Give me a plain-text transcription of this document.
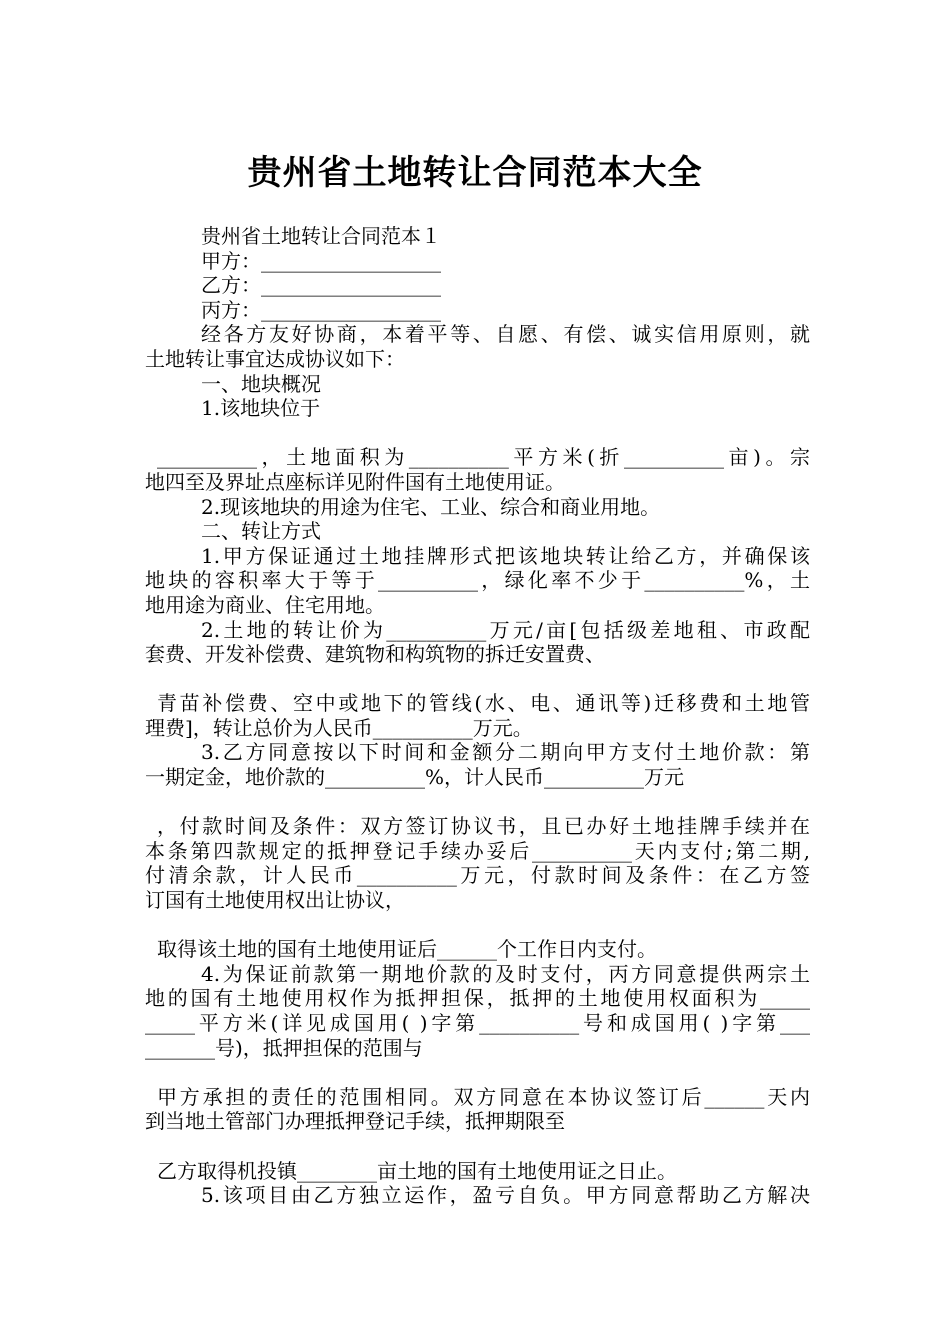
贵州省土地转让合同范本大全

贵州省土地转让合同范本１

甲方：__________________

乙方：__________________

丙方：__________________

经各方友好协商，本着平等、自愿、有偿、诚实信用原则，就

土地转让事宜达成协议如下：

一、地块概况

1.该地块位于

__________，土地面积为__________平方米(折__________亩)。宗

地四至及界址点座标详见附件国有土地使用证。

2.现该地块的用途为住宅、工业、综合和商业用地。

二、转让方式

1.甲方保证通过土地挂牌形式把该地块转让给乙方，并确保该

地块的容积率大于等于__________，绿化率不少于__________%，土

地用途为商业、住宅用地。

2.土地的转让价为__________万元/亩[包括级差地租、市政配

套费、开发补偿费、建筑物和构筑物的拆迁安置费、

青苗补偿费、空中或地下的管线(水、电、通讯等)迁移费和土地管

理费]，转让总价为人民币__________万元。

3.乙方同意按以下时间和金额分二期向甲方支付土地价款：第

一期定金，地价款的__________%，计人民币__________万元

，付款时间及条件：双方签订协议书，且已办好土地挂牌手续并在

本条第四款规定的抵押登记手续办妥后__________天内支付;第二期,

付清余款，计人民币__________万元，付款时间及条件：在乙方签

订国有土地使用权出让协议，

取得该土地的国有土地使用证后______个工作日内支付。

4.为保证前款第一期地价款的及时支付，丙方同意提供两宗土

地的国有土地使用权作为抵押担保，抵押的土地使用权面积为_____

_____平方米(详见成国用( )字第__________号和成国用( )字第___

_______号)，抵押担保的范围与

甲方承担的责任的范围相同。双方同意在本协议签订后______天内

到当地土管部门办理抵押登记手续，抵押期限至

乙方取得机投镇________亩土地的国有土地使用证之日止。

5.该项目由乙方独立运作，盈亏自负。甲方同意帮助乙方解决
